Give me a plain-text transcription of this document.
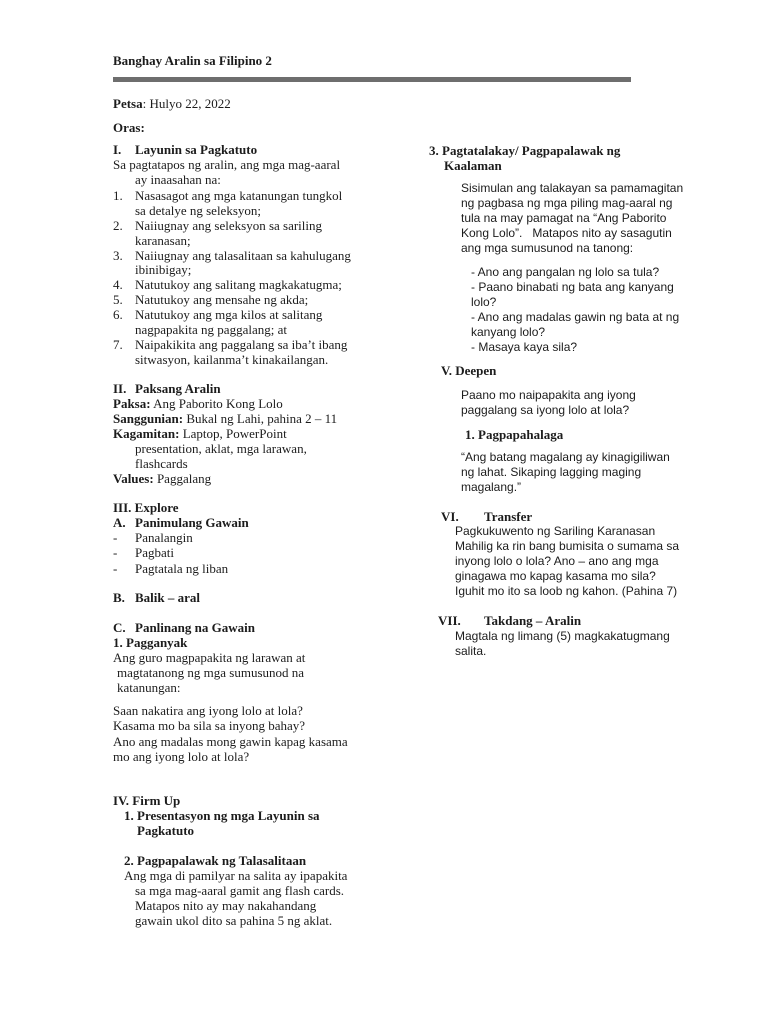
Banghay Aralin sa Filipino 2
Petsa: Hulyo 22, 2022
Oras:
I. Layunin sa Pagkatuto
Sa pagtatapos ng aralin, ang mga mag-aaral
ay inaasahan na:
1. Nasasagot ang mga katanungan tungkol
sa detalye ng seleksyon;
2. Naiiugnay ang seleksyon sa sariling
karanasan;
3. Naiiugnay ang talasalitaan sa kahulugang
ibinibigay;
4. Natutukoy ang salitang magkakatugma;
5. Natutukoy ang mensahe ng akda;
6. Natutukoy ang mga kilos at salitang
nagpapakita ng paggalang; at
7. Naipakikita ang paggalang sa iba’t ibang
sitwasyon, kailanma’t kinakailangan.
II. Paksang Aralin
Paksa: Ang Paborito Kong Lolo
Sanggunian: Bukal ng Lahi, pahina 2 – 11
Kagamitan: Laptop, PowerPoint
presentation, aklat, mga larawan,
flashcards
Values: Paggalang
III. Explore
A. Panimulang Gawain
- Panalangin
- Pagbati
- Pagtatala ng liban
B. Balik – aral
C. Panlinang na Gawain
1. Pagganyak
Ang guro magpapakita ng larawan at
magtatanong ng mga sumusunod na
katanungan:
Saan nakatira ang iyong lolo at lola?
Kasama mo ba sila sa inyong bahay?
Ano ang madalas mong gawin kapag kasama
mo ang iyong lolo at lola?
IV. Firm Up
1. Presentasyon ng mga Layunin sa
Pagkatuto
2. Pagpapalawak ng Talasalitaan
Ang mga di pamilyar na salita ay ipapakita
sa mga mag-aaral gamit ang flash cards.
Matapos nito ay may nakahandang
gawain ukol dito sa pahina 5 ng aklat.
3. Pagtatalakay/ Pagpapalawak ng
Kaalaman
Sisimulan ang talakayan sa pamamagitan
ng pagbasa ng mga piling mag-aaral ng
tula na may pamagat na “Ang Paborito
Kong Lolo”.   Matapos nito ay sasagutin
ang mga sumusunod na tanong:
- Ano ang pangalan ng lolo sa tula?
- Paano binabati ng bata ang kanyang
lolo?
- Ano ang madalas gawin ng bata at ng
kanyang lolo?
- Masaya kaya sila?
V. Deepen
Paano mo naipapakita ang iyong
paggalang sa iyong lolo at lola?
1. Pagpapahalaga
“Ang batang magalang ay kinagigiliwan
ng lahat. Sikaping lagging maging
magalang.”
VI. Transfer
Pagkukuwento ng Sariling Karanasan
Mahilig ka rin bang bumisita o sumama sa
inyong lolo o lola? Ano – ano ang mga
ginagawa mo kapag kasama mo sila?
Iguhit mo ito sa loob ng kahon. (Pahina 7)
VII. Takdang – Aralin
Magtala ng limang (5) magkakatugmang
salita.
